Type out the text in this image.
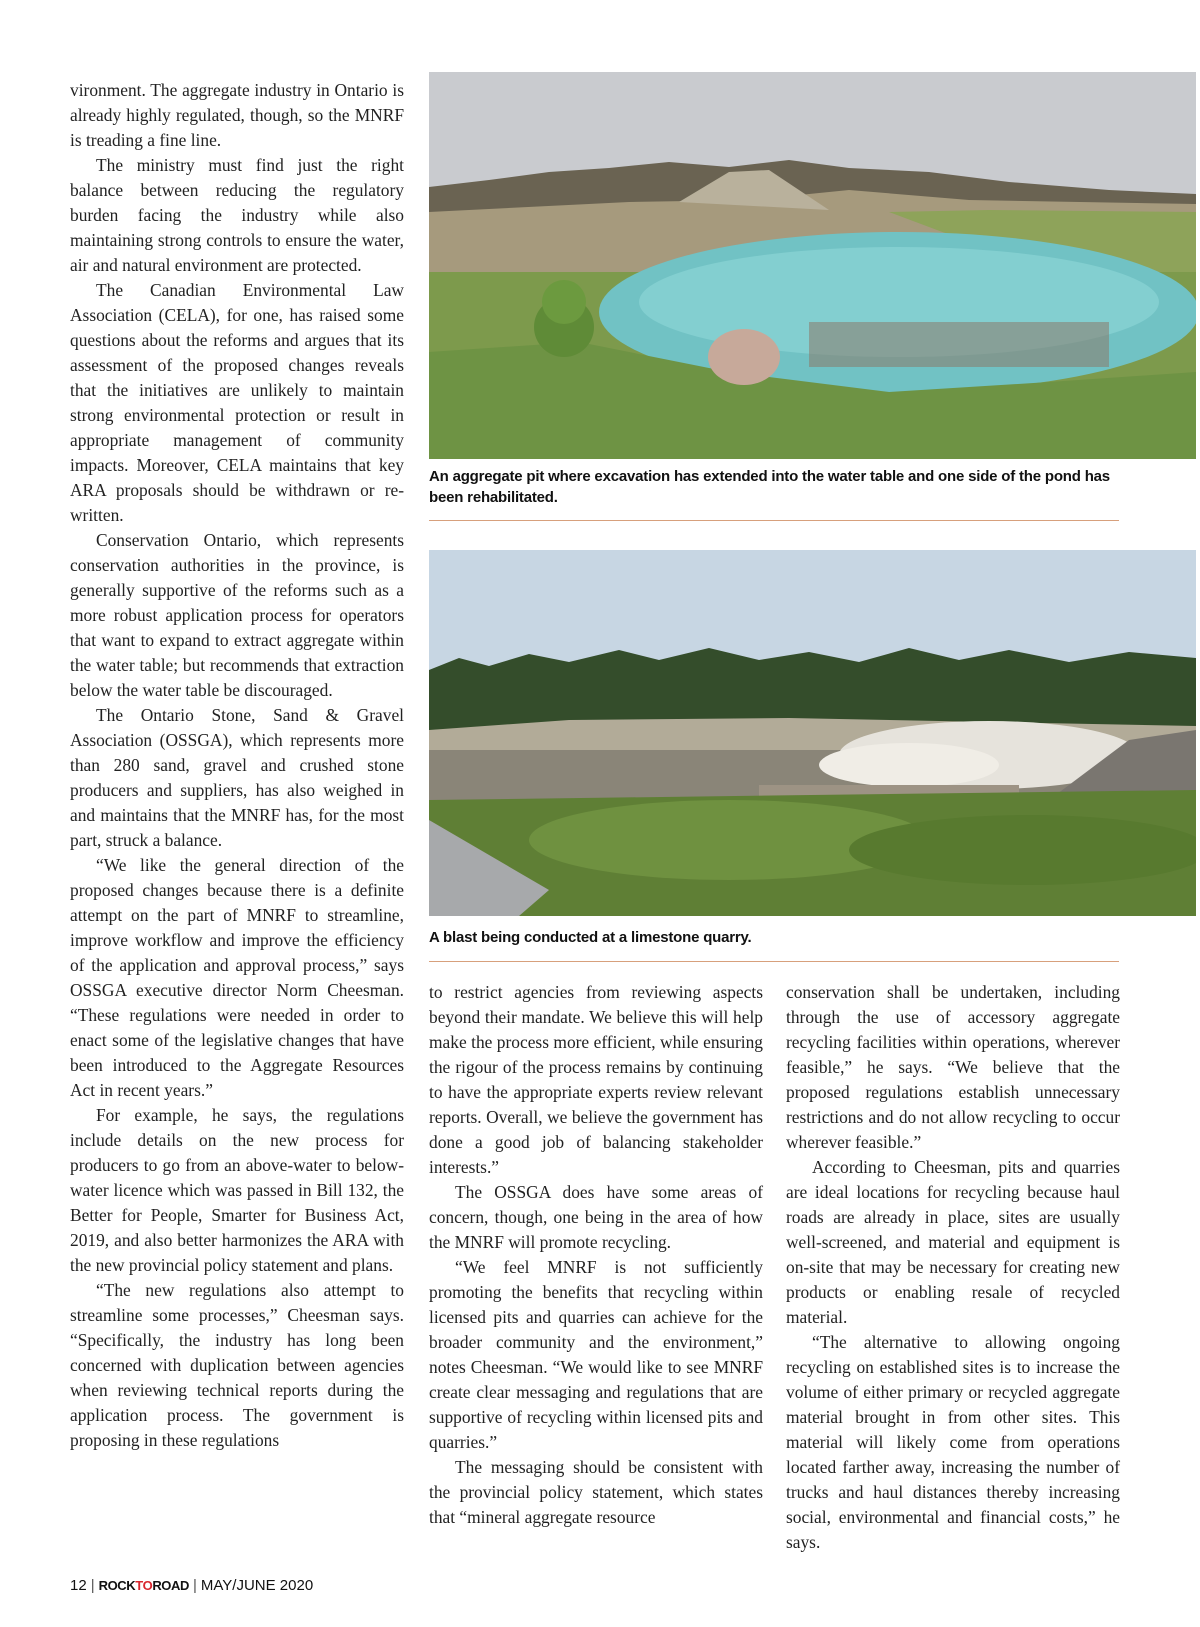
vironment. The aggregate industry in Ontario is already highly regulated, though, so the MNRF is treading a fine line.

The ministry must find just the right balance between reducing the regulatory burden facing the industry while also maintaining strong controls to ensure the water, air and natural environment are protected.

The Canadian Environmental Law Association (CELA), for one, has raised some questions about the reforms and argues that its assessment of the proposed changes reveals that the initiatives are unlikely to maintain strong environmental protection or result in appropriate management of community impacts. Moreover, CELA maintains that key ARA proposals should be withdrawn or re-written.

Conservation Ontario, which represents conservation authorities in the province, is generally supportive of the reforms such as a more robust application process for operators that want to expand to extract aggregate within the water table; but recommends that extraction below the water table be discouraged.

The Ontario Stone, Sand & Gravel Association (OSSGA), which represents more than 280 sand, gravel and crushed stone producers and suppliers, has also weighed in and maintains that the MNRF has, for the most part, struck a balance.

“We like the general direction of the proposed changes because there is a definite attempt on the part of MNRF to streamline, improve workflow and improve the efficiency of the application and approval process,” says OSSGA executive director Norm Cheesman. “These regulations were needed in order to enact some of the legislative changes that have been introduced to the Aggregate Resources Act in recent years.”

For example, he says, the regulations include details on the new process for producers to go from an above-water to below-water licence which was passed in Bill 132, the Better for People, Smarter for Business Act, 2019, and also better harmonizes the ARA with the new provincial policy statement and plans.

“The new regulations also attempt to streamline some processes,” Cheesman says. “Specifically, the industry has long been concerned with duplication between agencies when reviewing technical reports during the application process. The government is proposing in these regulations

An aggregate pit where excavation has extended into the water table and one side of the pond has been rehabilitated.
A blast being conducted at a limestone quarry.

to restrict agencies from reviewing aspects beyond their mandate. We believe this will help make the process more efficient, while ensuring the rigour of the process remains by continuing to have the appropriate experts review relevant reports. Overall, we believe the government has done a good job of balancing stakeholder interests.”

The OSSGA does have some areas of concern, though, one being in the area of how the MNRF will promote recycling.

“We feel MNRF is not sufficiently promoting the benefits that recycling within licensed pits and quarries can achieve for the broader community and the environment,” notes Cheesman. “We would like to see MNRF create clear messaging and regulations that are supportive of recycling within licensed pits and quarries.”

The messaging should be consistent with the provincial policy statement, which states that “mineral aggregate resource

conservation shall be undertaken, including through the use of accessory aggregate recycling facilities within operations, wherever feasible,” he says. “We believe that the proposed regulations establish unnecessary restrictions and do not allow recycling to occur wherever feasible.”

According to Cheesman, pits and quarries are ideal locations for recycling because haul roads are already in place, sites are usually well-screened, and material and equipment is on-site that may be necessary for creating new products or enabling resale of recycled material.

“The alternative to allowing ongoing recycling on established sites is to increase the volume of either primary or recycled aggregate material brought in from other sites. This material will likely come from operations located farther away, increasing the number of trucks and haul distances thereby increasing social, environmental and financial costs,” he says.

12 | ROCKTOROAD | MAY/JUNE 2020
